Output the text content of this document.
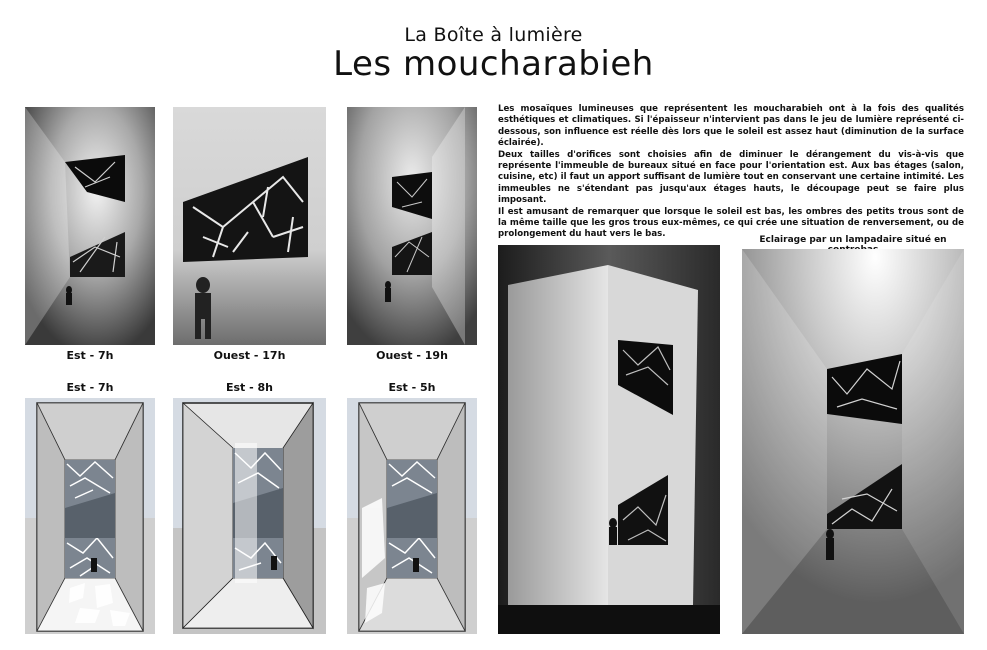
La Boîte à lumière
Les moucharabieh
Est - 7h	Ouest - 17h	Ouest - 19h
Est - 7h	Est - 8h	Est - 5h

Les mosaïques lumineuses que représentent les moucharabieh ont à la fois des qualités esthétiques et climatiques. Si l'épaisseur n'intervient pas dans le jeu de lumière représenté ci-dessous, son influence est réelle dès lors que le soleil est assez haut (diminution de la surface éclairée).

Deux tailles d'orifices sont choisies afin de diminuer le dérangement du vis-à-vis que représente l'immeuble de bureaux situé en face pour l'orientation est. Aux bas étages (salon, cuisine, etc) il faut un apport suffisant de lumière tout en conservant une certaine intimité. Les immeubles ne s'étendant pas jusqu'aux étages hauts, le découpage peut se faire plus imposant.

Il est amusant de remarquer que lorsque le soleil est bas, les ombres des petits trous sont de la même taille que les gros trous eux-mêmes, ce qui crée une situation de renversement, ou de prolongement du haut vers le bas.

Eclairage par un lampadaire situé en
